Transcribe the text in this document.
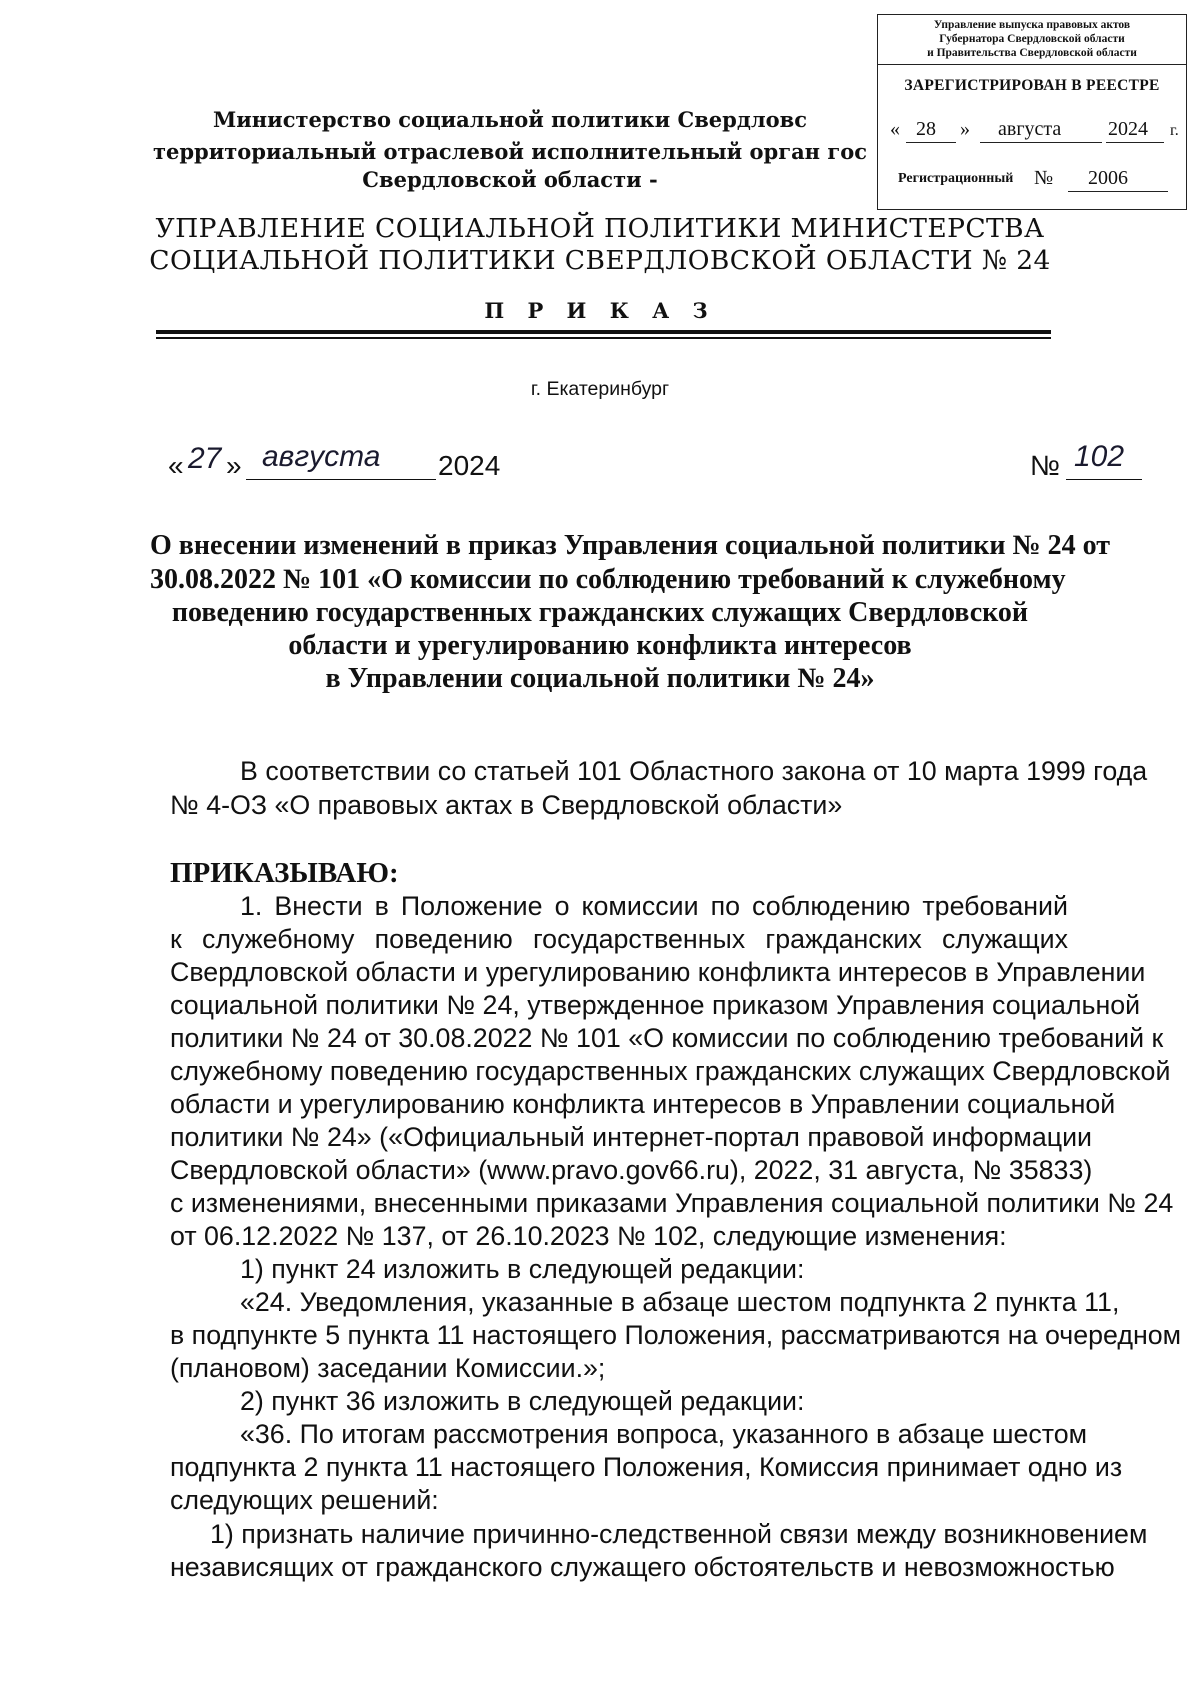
Управление выпуска правовых актов
Губернатора Свердловской области
и Правительства Свердловской области
ЗАРЕГИСТРИРОВАН В РЕЕСТРЕ
« 28 » августа 2024 г.
Регистрационный № 2006
Министерство социальной политики Свердловс
территориальный отраслевой исполнительный орган гос
Свердловской области -
УПРАВЛЕНИЕ СОЦИАЛЬНОЙ ПОЛИТИКИ МИНИСТЕРСТВА
СОЦИАЛЬНОЙ ПОЛИТИКИ СВЕРДЛОВСКОЙ ОБЛАСТИ № 24
П Р И К А З
г. Екатеринбург
« 27 » августа 2024	№ 102
О внесении изменений в приказ Управления социальной политики № 24 от
30.08.2022 № 101 «О комиссии по соблюдению требований к служебному
поведению государственных гражданских служащих Свердловской
области и урегулированию конфликта интересов
в Управлении социальной политики № 24»
В соответствии со статьей 101 Областного закона от 10 марта 1999 года
№ 4-ОЗ «О правовых актах в Свердловской области»
ПРИКАЗЫВАЮ:
1. Внести в Положение о комиссии по соблюдению требований
к служебному поведению государственных гражданских служащих
Свердловской области и урегулированию конфликта интересов в Управлении
социальной политики № 24, утвержденное приказом Управления социальной
политики № 24 от 30.08.2022 № 101 «О комиссии по соблюдению требований к
служебному поведению государственных гражданских служащих Свердловской
области и урегулированию конфликта интересов в Управлении социальной
политики № 24» («Официальный интернет-портал правовой информации
Свердловской области» (www.pravo.gov66.ru), 2022, 31 августа, № 35833)
с изменениями, внесенными приказами Управления социальной политики № 24
от 06.12.2022 № 137, от 26.10.2023 № 102, следующие изменения:
1) пункт 24 изложить в следующей редакции:
«24. Уведомления, указанные в абзаце шестом подпункта 2 пункта 11,
в подпункте 5 пункта 11 настоящего Положения, рассматриваются на очередном
(плановом) заседании Комиссии.»;
2) пункт 36 изложить в следующей редакции:
«36. По итогам рассмотрения вопроса, указанного в абзаце шестом
подпункта 2 пункта 11 настоящего Положения, Комиссия принимает одно из
следующих решений:
1) признать наличие причинно-следственной связи между возникновением
независящих от гражданского служащего обстоятельств и невозможностью
